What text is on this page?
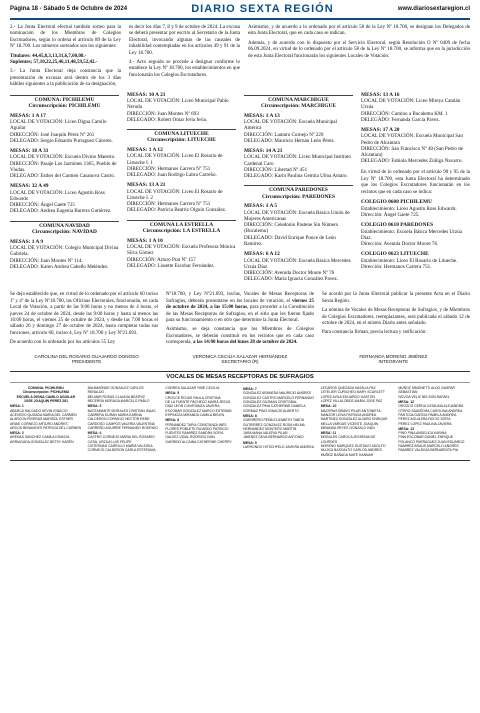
Página 18 - Sábado 5 de Octubre de 2024	DIARIO SEXTA REGIÓN	www.diariosextaregion.cl

2.- La Junta Electoral efectuó también sorteo para la nominación de los Miembros de Colegios Escrutadores, según lo ordena el artículo 89 de la Ley Nº 18.700. Los números sorteados son los siguientes:

Titulares: 44,45,8,3,13,31,6,7,60,08.-

Suplentes; 57,10,22,25,46,11,48,59,52,42.-

3.- La Junta Electoral deja constancia que la presentación de excusas será dentro de los 3 días hábiles siguientes a la publicación de su designación,

es decir los días 7, 8 y 9 de octubre de 2024. La excusa se deberá presentar por escrito al Secretario de la Junta Electoral, invocando algunas de las causales de inhabilidad contempladas en los artículos 49 y 91 de la Ley 18.700.

4.- Acto seguido se procede a designar conforme lo establece la Ley Nº 18.700, los establecimientos en que funcionarán los Colegios Escrutadores.

Asimismo, y de acuerdo a lo ordenado por el artículo 58 de la Ley Nº 18.700, se designan los Delegados de esta Junta Electoral, que en cada caso se indican.

Además, y de acuerdo con lo dispuesto por el Servicio Electoral, según Resolución O Nº 0409 de fecha 06.09.2024, en virtud de lo ordenado por el artículo 58 de la Ley Nº 18.700, se informa que en la jurisdicción de esta Junta Electoral funcionarán los siguientes Locales de Votación:

COMUNA: PICHILEMU
Circunscripción: PICHILEMU
MESAS: 1 A 17
LOCAL DE VOTACIÓN: Liceo Digna Camilo Aguilar
DIRECCIÓN: José Joaquín Pérez Nº 261
DELEGADO: Sergio Eduardo Purraguez Cáceres.
MESAS: 18 A 31
LOCAL DE VOTACIÓN: Escuela Divino Maestro.
DIRECCIÓN: Pasaje Los Jazmines 1365, Pueblo de Viudas.
DELEGADO: Esther del Carmen Casanova Castro.
MESAS: 32 A 49
LOCAL DE VOTACIÓN: Liceo Agustín Ross Edwards
DIRECCIÓN: Ángel Gaete 725
DELEGADO: Andrea Eugenia Barrera Gutiérrez.
COMUNA NAVIDAD
Circunscripción: NAVIDAD
MESAS: 1 A 9
LOCAL DE VOTACIÓN: Colegio Municipal Divina Gabriela.
DIRECCIÓN: Juan Montes Nº 114.
DELEGADO: Karen Andrea Cabello Meléndez.
MESAS: 10 A 21
LOCAL DE VOTACIÓN: Liceo Municipal Pablo Neruda
DIRECCIÓN: Juan Montes Nº 693
DELEGADO: Robert Omar Jería Jeria.
COMUNA LITUECHE
Circunscripción: LITUECHE
MESAS: 1 A 12
LOCAL DE VOTACIÓN: Liceo El Rosario de Litueche I. 1
DIRECCIÓN: Hermanos Carrera Nº 751
DELEGADO: Juan Rodrigo Labra Carreño.
MESAS: 13 A 21
LOCAL DE VOTACIÓN: Liceo El Rosario de Litueche I. 2
DIRECCIÓN: Hermanos Carrera Nº 751
DELEGADO: Patricia Beatriz Olguín González.
COMUNA LA ESTRELLA
Circunscripción: LA ESTRELLA
MESAS: 1 A 10
LOCAL DE VOTACIÓN: Escuela Profesora Mónica Silva Gómez
DIRECCIÓN: Arturo Prat Nº 157
DELEGADO: Lissette Escobar Fernández.
COMUNA MARCHIGUE
Circunscripción: MARCHIGUE
MESAS: 1 A 13
LOCAL DE VOTACIÓN: Escuela Municipal América
DIRECCIÓN: Lautaro Cornejo Nº 220
DELEGADO: Mauricio Hernán León Pérez.
MESAS: 14 A 21
LOCAL DE VOTACIÓN: Liceo Municipal Instituto Cardenal Caro
DIRECCIÓN: Libertad Nº 451
DELEGADO: Karin Paulina Gemita Ulloa Amaro.
COMUNA PAREDONES
Circunscripción: PAREDONES
MESAS: 1 A 5
LOCAL DE VOTACIÓN: Escuela Básica Unión de Mujeres Americanas
DIRECCIÓN: Celedonio Pastene Sin Número (Bucalemu)
DELEGADO: David Enrique Ponce de León Ramírez.
MESAS: 6 A 12
LOCAL DE VOTACIÓN: Escuela Básica Mercedes Urzúa Díaz
DIRECCIÓN: Avenida Doctor Moore Nº 76
DELEGADO: María Ignacia González Pavez.
MESAS: 13 A 16
LOCAL DE VOTACIÓN: Liceo Mireya Catalán Urzúa
DIRECCIÓN: Camino a Bucalemu KM. 1
DELEGADO: Fernanda García Pavez.
MESAS: 17 A 20
LOCAL DE VOTACIÓN: Escuela Municipal San Pedro de Alcantara
DIRECCIÓN: San Francisco Nº 40 (San Pedro de Alcantara)
DELEGADO: Fabiola Mercedes Zúñiga Navarro.

En virtud de lo ordenado por el artículo 90 y 95 de la Ley Nº 18.700, esta Junta Electoral ha determinado que los Colegios Escrutadores funcionarán en los recintos que en cada caso se indica:

COLEGIO 0608 PICHILEMU
Establecimiento: Liceo Agustín Ross Edwards.
Dirección: Ángel Gaete 725.
COLEGIO 0618 PAREDONES
Establecimiento: Escuela Básica Mercedes Urzúa Díaz.
Dirección: Avenida Doctor Moore 76.
COLEGIO 0623 LITUECHE
Establecimiento: Liceo El Rosario de Litueche.
Dirección: Hermanos Carrera 751.

Se deja establecido que, en virtud de lo ordenado por el artículo 60 inciso 1º y 4º de la Ley Nº18.700, las Oficinas Electorales, funcionarán, en cada Local de Votación, a partir de las 9:00 horas y no menos de 4 horas, el jueves 24 de octubre de 2024, desde las 9:00 horas y hasta al menos las 16:00 horas, el viernes 25 de octubre de 2024, y desde las 7:00 horas el sábado 26 y domingo 27 de octubre de 2024, hasta completar todas sus funciones, artículo 60, inciso 4, Ley Nº 18.700 y Ley Nº21.693.

De acuerdo con lo ordenado por los artículos 55 Ley

Nº18.700, y Ley Nº21.693, los/las, Vocales de Mesas Receptoras de Sufragios, deberán presentarse en los locales de votación, el viernes 25 de octubre de 2024, a las 15:00 horas, para proceder a la Constitución de las Mesas Receptoras de Sufragios, en el sitio que les fueran fijado para su funcionamiento o en otro que determine la Junta Electoral.

Asimismo, se deja constancia que los Miembros de Colegios Escrutadores, se deberán constituir en los recintos que en cada caso corresponda, a las 14:00 horas del lunes 28 de octubre de 2024.

Se acordó por la Junta Electoral publicar la presente Acta en el Diario Sexta Región.

La nómina de Vocales de Mesas Receptoras de Sufragios, y de Miembros de Colegios Escrutadores, reemplazantes, será publicada el sábado 12 de octubre de 2024, en el mismo Diario antes señalado.

Para constancia firman, previa lectura y ratificación:

CAROLINA DEL ROSARIO GUAJARDO DONOSO
PRESIDENTE
VERÓNICA CECILIA SALAZAR HERNÁNDEZ
SECRETARIO (R)
FERNANDA MORENO JIMÉNEZ
INTEGRANTE
VOCALES DE MESAS RECEPTORAS DE SUFRAGIOS
COMUNA: PICHILEMU
Circunscripción: PICHILEMU
ESCUELA DIGNA CAMILO AGUILAR
JOSE JOAQUIN PEREZ 261
MESA: 1
ABARCA SALGADO KEVIN IGNACIO
ACEVEDO QUIJADA MARIA DEL CARMEN
ALARCON RIVERAS MARISOL ESTHER
ARIAS CORNEJO ARTURO ANDRES
ARCOS BENAVIDES PATRICIA DEL CARMEN
MESA: 2
ARENAS SANCHEZ CAMILA IGNACIA
ARRIAGADA GONZALEZ BETSY KAREN
BAHAMONDE GONZALEZ CARLOS RENALDO
BELMAR ROSAS CLAUDIA BEATRIZ
BECERRA MORAGA MARCELO PABLO
MESA: 3
BUSTAMANTE MORALES CRISTIAN ISAAC
CABRERA DURAN MARIA KARINA
CALDERON CORNEJO HECTOR RENE
CARDOSO CAMPOS VALERIA VALENTINA
CARREÑO AGUIRRE FERNANDO RODRIGO
MESA: 4
CASTRO CORNEJO MARIA DEL ROSARIO
CATAL URZUA LUIS FELIPE
CISTERNAS CARRILLO MARIA VALESKA
CORNEJO CALDERON CARLA ESTEFANIA
CORREA SALAZAR YIME CECILIA
MESA: 5
CROCCE ROJAS PAULA CRISTINA
DE LA FUENTE PACHECO MARIA JESUS
DIAZ LEON CONSTANZA JAVIERA
ESCOBAR GONZALEZ MARCO ESTEBAN
ESPINOZA MIRANDA CAMILA BELEN
MESA: 6
FERNANDEZ TAPIA CONSTANZA INES
FLORES POBLETE RICARDO PATRICIO
FUENTES RAMIREZ SANDRA SOFIA
GALVEZ VIDAL RODRIGO IVAN
GARRIDO ALCAINA CATHERINE CHERRY
MESA: 7
GONZALEZ ARANEDA MAURICIO ANDRES
GONZALEZ CASTRO MARCELO FERNANDO
GONZALEZ GUZMAN CRISTOBAL
GONZALEZ PINA CATHERINE DANIELA
GORMAZ PINO IGNACIO ALBERTO
MESA: 8
GUERRERO PEÑA ELIZABETH TABITA
GUTIERREZ GONZALEZ ROSA HELMA
HERNANDEZ MONTERO MARTIN
JARA MANA VALERIA PILAR
JIMENEZ SILVA BERNARDO ANTONIO
MESA: 9
LARRONDO HITSCHFELD JAVIERA ANDREA
LECAROS QUEZADA NATALIA PAZ
LETELIER CURICHEO MARY SCARLETT
LOPEZ AVILA EDUARDO GASTON
LOPEZ VILLALOBOS MARIA JOSE PAZ
MESA: 10
MACERAS BRAVO PILAR ANTONIETA
MANZOR LEIVA PATRICIA ANDREA
MARTINEZ GONZALEZ ALVARO ENRIQUE
MELLA VARGAS VICENTE JOAQUIN
MIRANDA REYES GONZALO IVAN
MESA: 11
MORALES CAROCA JESSENIA DE LOURDES
MORENO MARQUEZ GUSTAVO ADOLFO
MUJICA BASOALTO CARLOS ANDRES
MUÑOZ BAÑADA MATE HANNAH
MUÑOZ SIMONETTI ALDO GASPAR SEBASTIAN
NOVOA VELIZ NELSON RAFAEL
MESA: 12
OROZCO CERDA CATALINA ALEJANDRA
OTERO SAAVEDRA CAROLINA ANDREA
PANTOJA GARCIA PAMELA ANDREA
PEREZ AGUILERA ROCIO SOFIA
PEREZ LOPEZ PAULINA JAVIERA
MESA: 13
PINO PINA ANGELICA KARINA
PINA ESCOBAR DANIEL ENRIQUE
POLANCO PARRAGUEZ JUAN EDUARDO
RAMIREZ ARAUS MARCELO ANDRES
RAMIREZ VALDIVIA BERNARDITA PIA
